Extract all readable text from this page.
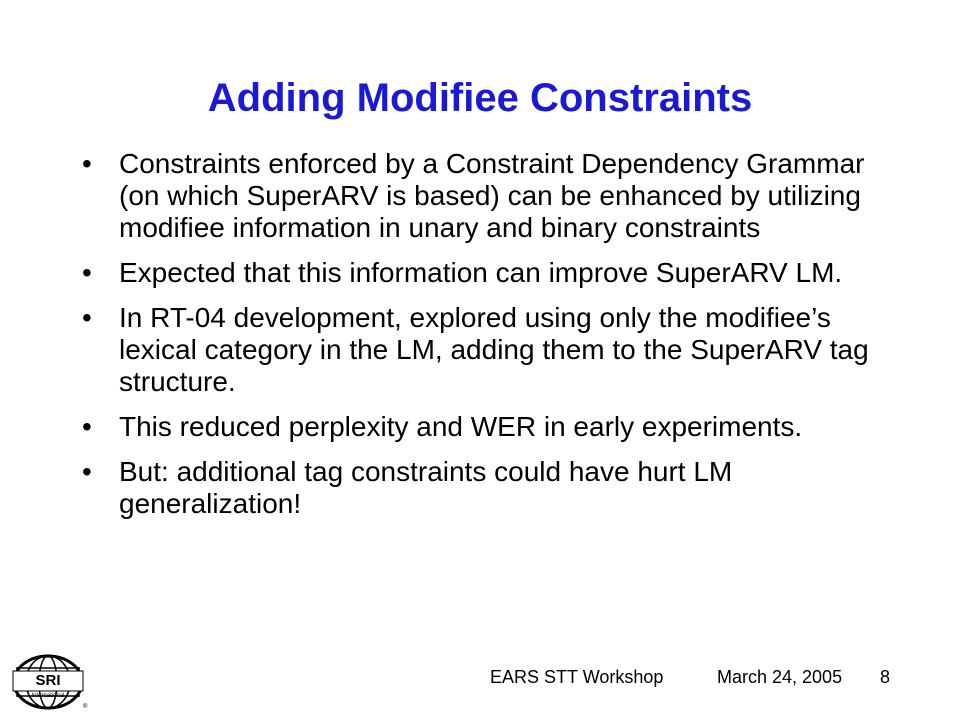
Adding Modifiee Constraints
• Constraints enforced by a Constraint Dependency Grammar (on which SuperARV is based) can be enhanced by utilizing modifiee information in unary and binary constraints
• Expected that this information can improve SuperARV LM.
• In RT-04 development, explored using only the modifiee’s lexical category in the LM, adding them to the SuperARV tag structure.
• This reduced perplexity and WER in early experiments.
• But: additional tag constraints could have hurt LM generalization!
SRI
International
®
EARS STT Workshop	March 24, 2005 8
